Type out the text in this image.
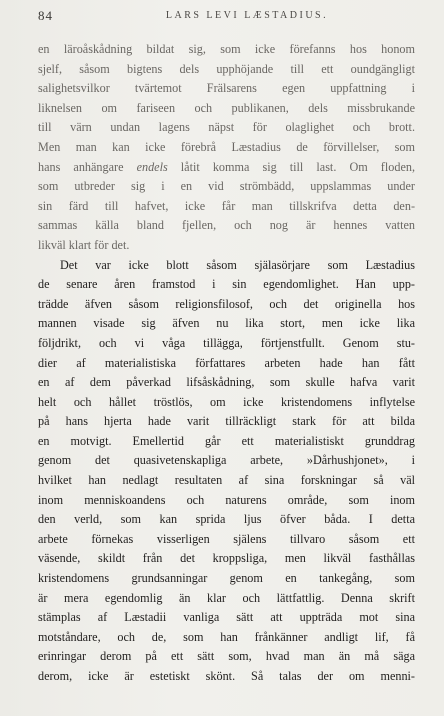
84	LARS LEVI LÆSTADIUS.
en läroåskådning bildat sig, som icke förefanns hos honom
sjelf, såsom bigtens dels upphöjande till ett oundgängligt
salighetsvilkor tvärtemot Frälsarens egen uppfattning i
liknelsen om fariseen och publikanen, dels missbrukande
till värn undan lagens näpst för olaglighet och brott.
Men man kan icke förebrå Læstadius de förvillelser, som
hans anhängare endels låtit komma sig till last. Om floden,
som utbreder sig i en vid strömbädd, uppslammas under
sin färd till hafvet, icke får man tillskrifva detta den-
sammas källa bland fjellen, och nog är hennes vatten
likväl klart för det.
Det var icke blott såsom själasörjare som Læstadius
de senare åren framstod i sin egendomlighet. Han upp-
trädde äfven såsom religionsfilosof, och det originella hos
mannen visade sig äfven nu lika stort, men icke lika
följdrikt, och vi våga tillägga, förtjenstfullt. Genom stu-
dier af materialistiska författares arbeten hade han fått
en af dem påverkad lifsåskådning, som skulle hafva varit
helt och hållet tröstlös, om icke kristendomens inflytelse
på hans hjerta hade varit tillräckligt stark för att bilda
en motvigt. Emellertid går ett materialistiskt grunddrag
genom det quasivetenskapliga arbete, »Dårhushjonet», i
hvilket han nedlagt resultaten af sina forskningar så väl
inom menniskoandens och naturens område, som inom
den verld, som kan sprida ljus öfver båda. I detta
arbete förnekas visserligen själens tillvaro såsom ett
väsende, skildt från det kroppsliga, men likväl fasthållas
kristendomens grundsanningar genom en tankegång, som
är mera egendomlig än klar och lättfattlig. Denna skrift
stämplas af Læstadii vanliga sätt att uppträda mot sina
motståndare, och de, som han frånkänner andligt lif, få
erinringar derom på ett sätt som, hvad man än må säga
derom, icke är estetiskt skönt. Så talas der om menni-
